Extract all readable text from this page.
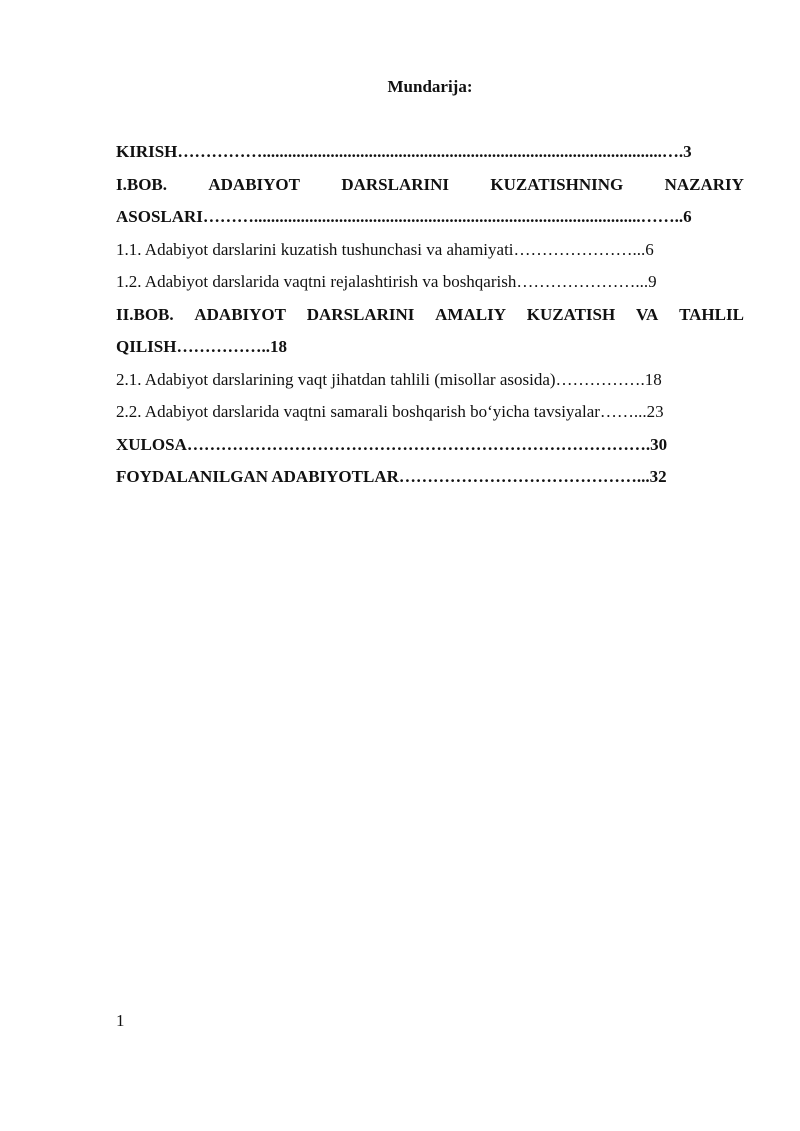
Mundarija:
KIRISH……………..............................................................................................….3
I.BOB. ADABIYOT DARSLARINI KUZATISHNING NAZARIY
ASOSLARI………...........................................................................................……..6
1.1. Adabiyot darslarini kuzatish tushunchasi va ahamiyati…………………...6
1.2. Adabiyot darslarida vaqtni rejalashtirish va boshqarish…………………...9
II.BOB. ADABIYOT DARSLARINI AMALIY KUZATISH VA TAHLIL
QILISH……………..18
2.1. Adabiyot darslarining vaqt jihatdan tahlili (misollar asosida)…………….18
2.2. Adabiyot darslarida vaqtni samarali boshqarish bo‘yicha tavsiyalar……...23
XULOSA……………………………………………………………………….30
FOYDALANILGAN ADABIYOTLAR……………………………………...32
1
